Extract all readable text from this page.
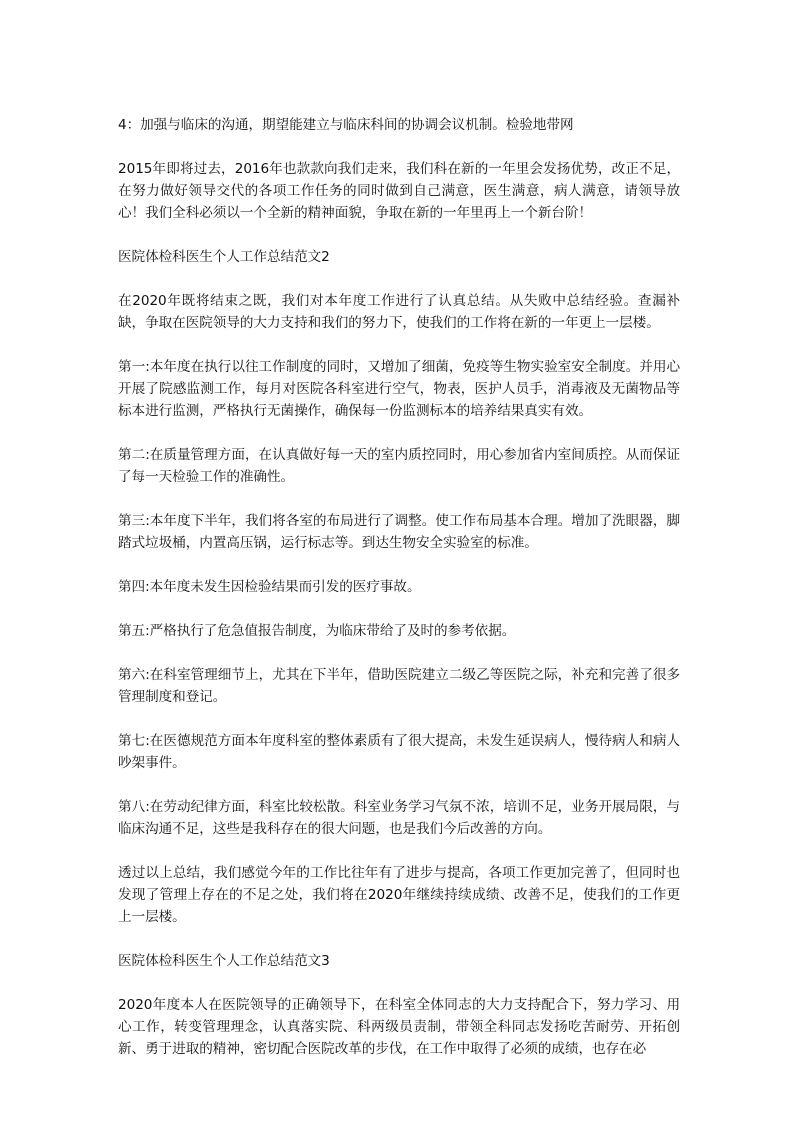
4：加强与临床的沟通，期望能建立与临床科间的协调会议机制。检验地带网

2015年即将过去，2016年也款款向我们走来，我们科在新的一年里会发扬优势，改正不足，在努力做好领导交代的各项工作任务的同时做到自己满意，医生满意，病人满意，请领导放心！我们全科必须以一个全新的精神面貌，争取在新的一年里再上一个新台阶！

医院体检科医生个人工作总结范文2

在2020年既将结束之既，我们对本年度工作进行了认真总结。从失败中总结经验。查漏补缺，争取在医院领导的大力支持和我们的努力下，使我们的工作将在新的一年更上一层楼。

第一:本年度在执行以往工作制度的同时，又增加了细菌，免疫等生物实验室安全制度。并用心开展了院感监测工作，每月对医院各科室进行空气，物表，医护人员手，消毒液及无菌物品等标本进行监测，严格执行无菌操作，确保每一份监测标本的培养结果真实有效。

第二:在质量管理方面，在认真做好每一天的室内质控同时，用心参加省内室间质控。从而保证了每一天检验工作的准确性。

第三:本年度下半年，我们将各室的布局进行了调整。使工作布局基本合理。增加了洗眼器，脚踏式垃圾桶，内置高压锅，运行标志等。到达生物安全实验室的标准。

第四:本年度未发生因检验结果而引发的医疗事故。

第五:严格执行了危急值报告制度，为临床带给了及时的参考依据。

第六:在科室管理细节上，尤其在下半年，借助医院建立二级乙等医院之际，补充和完善了很多管理制度和登记。

第七:在医德规范方面本年度科室的整体素质有了很大提高，未发生延误病人，慢待病人和病人吵架事件。

第八:在劳动纪律方面，科室比较松散。科室业务学习气氛不浓，培训不足，业务开展局限，与临床沟通不足，这些是我科存在的很大问题，也是我们今后改善的方向。

透过以上总结，我们感觉今年的工作比往年有了进步与提高，各项工作更加完善了，但同时也发现了管理上存在的不足之处，我们将在2020年继续持续成绩、改善不足，使我们的工作更上一层楼。

医院体检科医生个人工作总结范文3

2020年度本人在医院领导的正确领导下，在科室全体同志的大力支持配合下，努力学习、用心工作，转变管理理念，认真落实院、科两级员责制，带领全科同志发扬吃苦耐劳、开拓创新、勇于进取的精神，密切配合医院改革的步伐，在工作中取得了必须的成绩，也存在必
